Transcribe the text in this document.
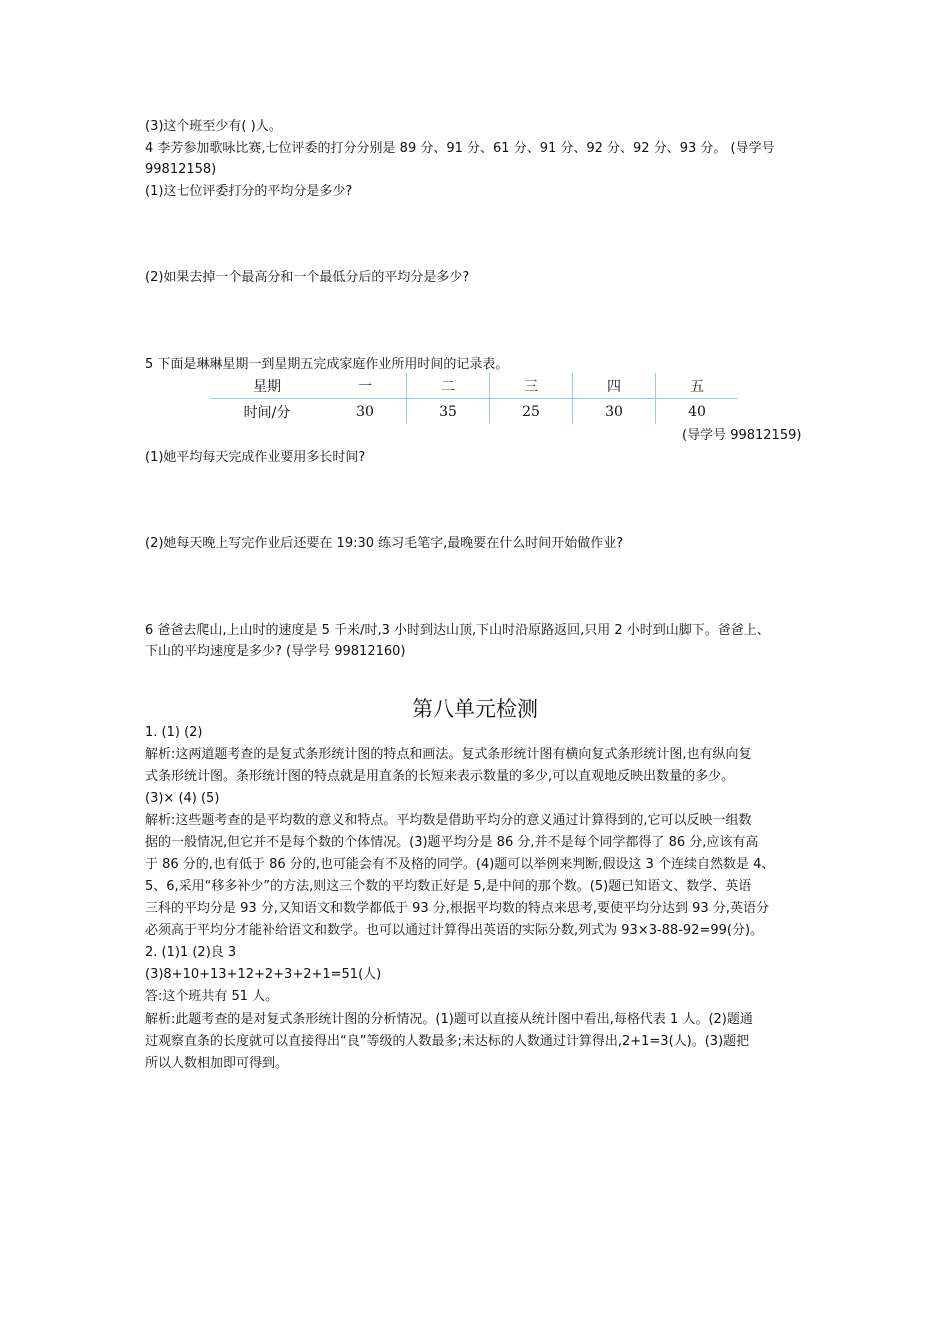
(3)这个班至少有( )人。
4 李芳参加歌咏比赛,七位评委的打分分别是 89 分、91 分、61 分、91 分、92 分、92 分、93 分。 (导学号
99812158)
(1)这七位评委打分的平均分是多少?
(2)如果去掉一个最高分和一个最低分后的平均分是多少?
5 下面是琳琳星期一到星期五完成家庭作业所用时间的记录表。
星期	一	二	三	四	五
时间/分	30	35	25	30	40
(导学号 99812159)
(1)她平均每天完成作业要用多长时间?
(2)她每天晚上写完作业后还要在 19:30 练习毛笔字,最晚要在什么时间开始做作业?
6 爸爸去爬山,上山时的速度是 5 千米/时,3 小时到达山顶,下山时沿原路返回,只用 2 小时到山脚下。爸爸上、
下山的平均速度是多少? (导学号 99812160)
第八单元检测
1. (1) (2)
解析:这两道题考查的是复式条形统计图的特点和画法。复式条形统计图有横向复式条形统计图,也有纵向复
式条形统计图。条形统计图的特点就是用直条的长短来表示数量的多少,可以直观地反映出数量的多少。
(3)× (4) (5)
解析:这些题考查的是平均数的意义和特点。平均数是借助平均分的意义通过计算得到的,它可以反映一组数
据的一般情况,但它并不是每个数的个体情况。(3)题平均分是 86 分,并不是每个同学都得了 86 分,应该有高
于 86 分的,也有低于 86 分的,也可能会有不及格的同学。(4)题可以举例来判断,假设这 3 个连续自然数是 4、
5、6,采用“移多补少”的方法,则这三个数的平均数正好是 5,是中间的那个数。(5)题已知语文、数学、英语
三科的平均分是 93 分,又知语文和数学都低于 93 分,根据平均数的特点来思考,要使平均分达到 93 分,英语分
必须高于平均分才能补给语文和数学。也可以通过计算得出英语的实际分数,列式为 93×3-88-92=99(分)。
2. (1)1 (2)良 3
(3)8+10+13+12+2+3+2+1=51(人)
答:这个班共有 51 人。
解析:此题考查的是对复式条形统计图的分析情况。(1)题可以直接从统计图中看出,每格代表 1 人。(2)题通
过观察直条的长度就可以直接得出“良”等级的人数最多;未达标的人数通过计算得出,2+1=3(人)。(3)题把
所以人数相加即可得到。
